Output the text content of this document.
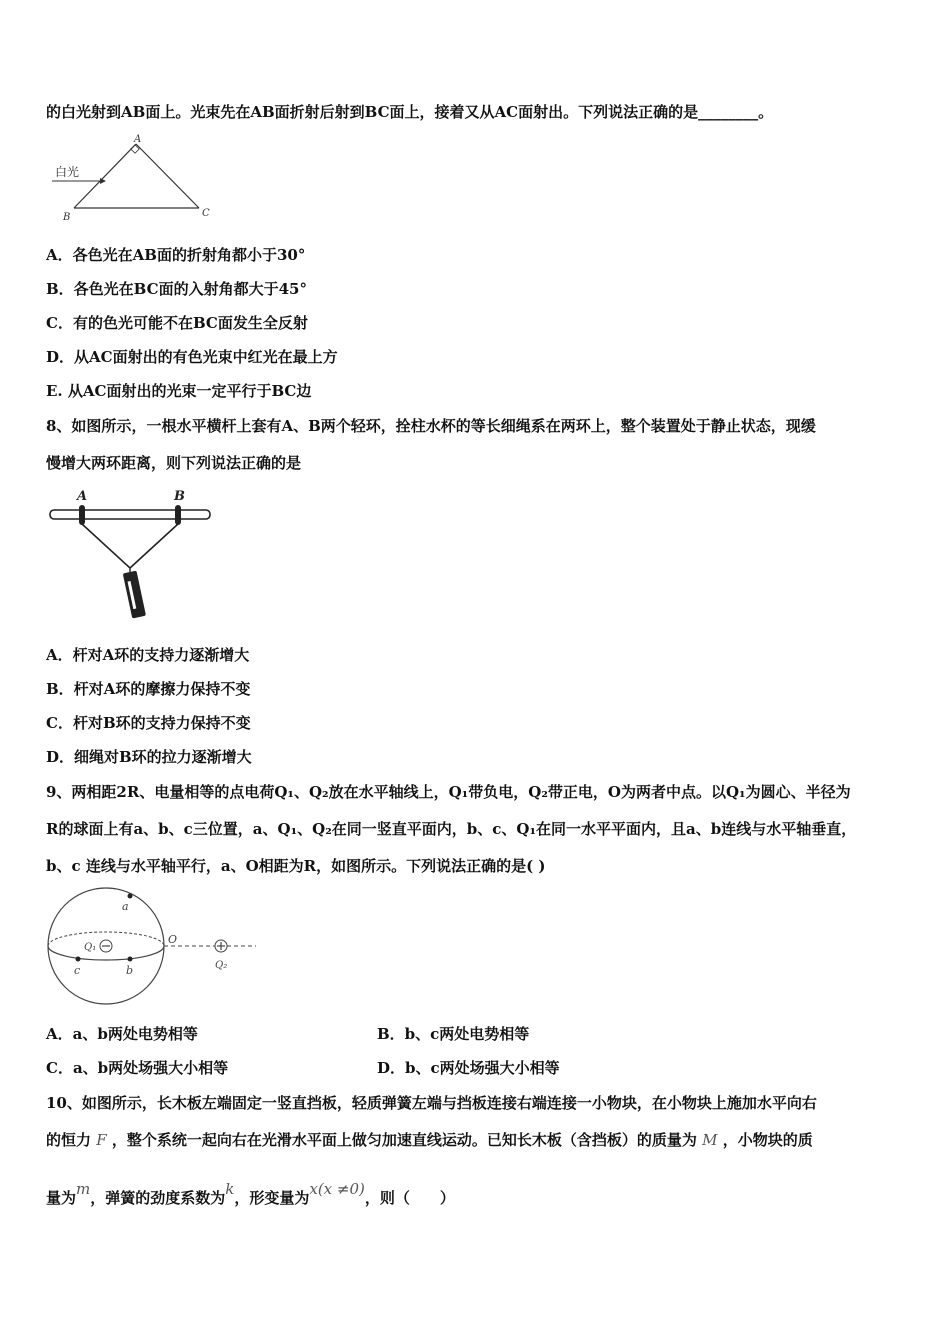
的白光射到AB面上。光束先在AB面折射后射到BC面上，接着又从AC面射出。下列说法正确的是________。
白光
A
B	C
A．各色光在AB面的折射角都小于30°
B．各色光在BC面的入射角都大于45°
C．有的色光可能不在BC面发生全反射
D．从AC面射出的有色光束中红光在最上方
E. 从AC面射出的光束一定平行于BC边
8、如图所示，一根水平横杆上套有A、B两个轻环，拴柱水杯的等长细绳系在两环上，整个装置处于静止状态，现缓
慢增大两环距离，则下列说法正确的是
A	B
A．杆对A环的支持力逐渐增大
B．杆对A环的摩擦力保持不变
C．杆对B环的支持力保持不变
D．细绳对B环的拉力逐渐增大
9、两相距2R、电量相等的点电荷Q₁、Q₂放在水平轴线上，Q₁带负电，Q₂带正电，O为两者中点。以Q₁为圆心、半径为
R的球面上有a、b、c三位置，a、Q₁、Q₂在同一竖直平面内，b、c、Q₁在同一水平平面内，且a、b连线与水平轴垂直，
b、c 连线与水平轴平行，a、O相距为R，如图所示。下列说法正确的是( )
a
b
c
O
Q₁
Q₂
A．a、b两处电势相等	B．b、c两处电势相等
C．a、b两处场强大小相等	D．b、c两处场强大小相等
10、如图所示，长木板左端固定一竖直挡板，轻质弹簧左端与挡板连接右端连接一小物块，在小物块上施加水平向右
的恒力 F ，整个系统一起向右在光滑水平面上做匀加速直线运动。已知长木板（含挡板）的质量为 M ，小物块的质
量为m，弹簧的劲度系数为k，形变量为x(x ≠0)，则（　　）
